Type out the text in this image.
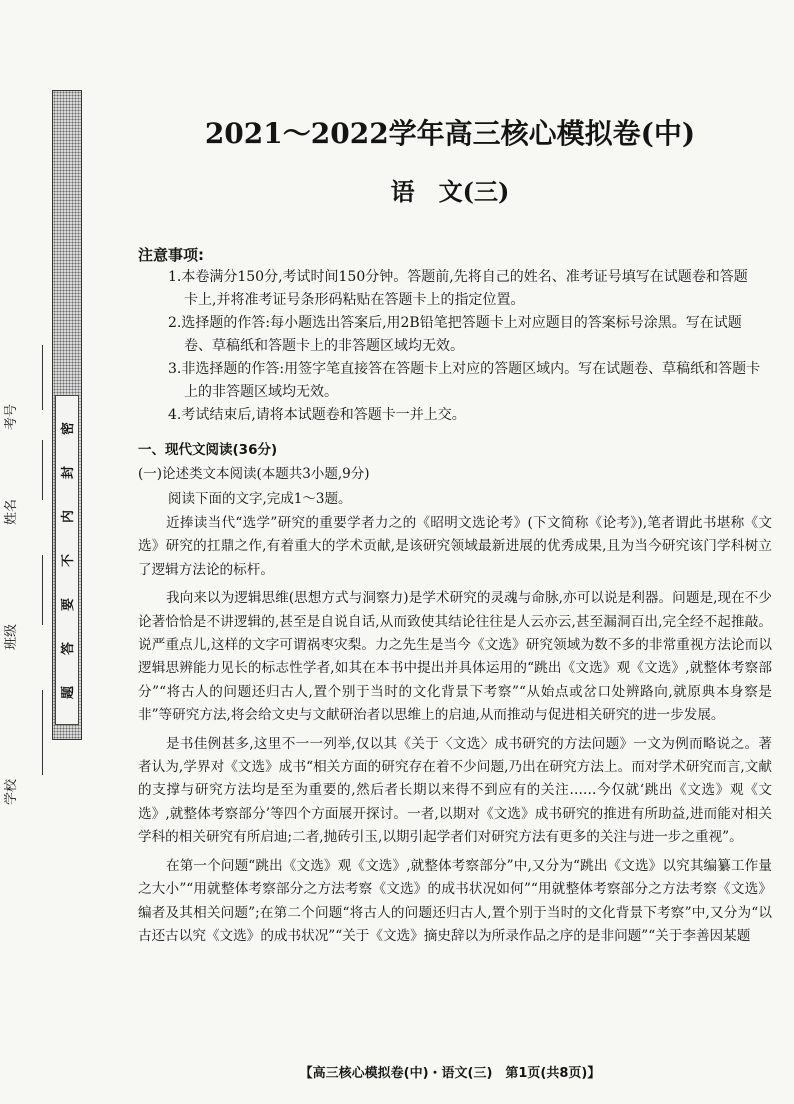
密
封
内
不
要
答
题
学校
班级
姓名
考号
2021～2022学年高三核心模拟卷(中)
语　文(三)
注意事项:

1.本卷满分150分,考试时间150分钟。答题前,先将自己的姓名、准考证号填写在试题卷和答题

卡上,并将准考证号条形码粘贴在答题卡上的指定位置。

2.选择题的作答:每小题选出答案后,用2B铅笔把答题卡上对应题目的答案标号涂黑。写在试题

卷、草稿纸和答题卡上的非答题区域均无效。

3.非选择题的作答:用签字笔直接答在答题卡上对应的答题区域内。写在试题卷、草稿纸和答题卡

上的非答题区域均无效。

4.考试结束后,请将本试题卷和答题卡一并上交。

一、现代文阅读(36分)
(一)论述类文本阅读(本题共3小题,9分)
阅读下面的文字,完成1～3题。

近捧读当代“选学”研究的重要学者力之的《昭明文选论考》(下文简称《论考》),笔者谓此书堪称《文选》研究的扛鼎之作,有着重大的学术贡献,是该研究领域最新进展的优秀成果,且为当今研究该门学科树立了逻辑方法论的标杆。

我向来以为逻辑思维(思想方式与洞察力)是学术研究的灵魂与命脉,亦可以说是利器。问题是,现在不少论著恰恰是不讲逻辑的,甚至是自说自话,从而致使其结论往往是人云亦云,甚至漏洞百出,完全经不起推敲。说严重点儿,这样的文字可谓祸枣灾梨。力之先生是当今《文选》研究领域为数不多的非常重视方法论而以逻辑思辨能力见长的标志性学者,如其在本书中提出并具体运用的“跳出《文选》观《文选》,就整体考察部分”“将古人的问题还归古人,置个别于当时的文化背景下考察”“从始点或岔口处辨路向,就原典本身察是非”等研究方法,将会给文史与文献研治者以思维上的启迪,从而推动与促进相关研究的进一步发展。

是书佳例甚多,这里不一一列举,仅以其《关于〈文选〉成书研究的方法问题》一文为例而略说之。著者认为,学界对《文选》成书“相关方面的研究存在着不少问题,乃出在研究方法上。而对学术研究而言,文献的支撑与研究方法均是至为重要的,然后者长期以来得不到应有的关注……今仅就‘跳出《文选》观《文选》,就整体考察部分’等四个方面展开探讨。一者,以期对《文选》成书研究的推进有所助益,进而能对相关学科的相关研究有所启迪;二者,抛砖引玉,以期引起学者们对研究方法有更多的关注与进一步之重视”。

在第一个问题“跳出《文选》观《文选》,就整体考察部分”中,又分为“跳出《文选》以究其编纂工作量之大小”“用就整体考察部分之方法考察《文选》的成书状况如何”“用就整体考察部分之方法考察《文选》编者及其相关问题”;在第二个问题“将古人的问题还归古人,置个别于当时的文化背景下考察”中,又分为“以古还古以究《文选》的成书状况”“关于《文选》摘史辞以为所录作品之序的是非问题”“关于李善因某题

【高三核心模拟卷(中)・语文(三)　第1页(共8页)】
